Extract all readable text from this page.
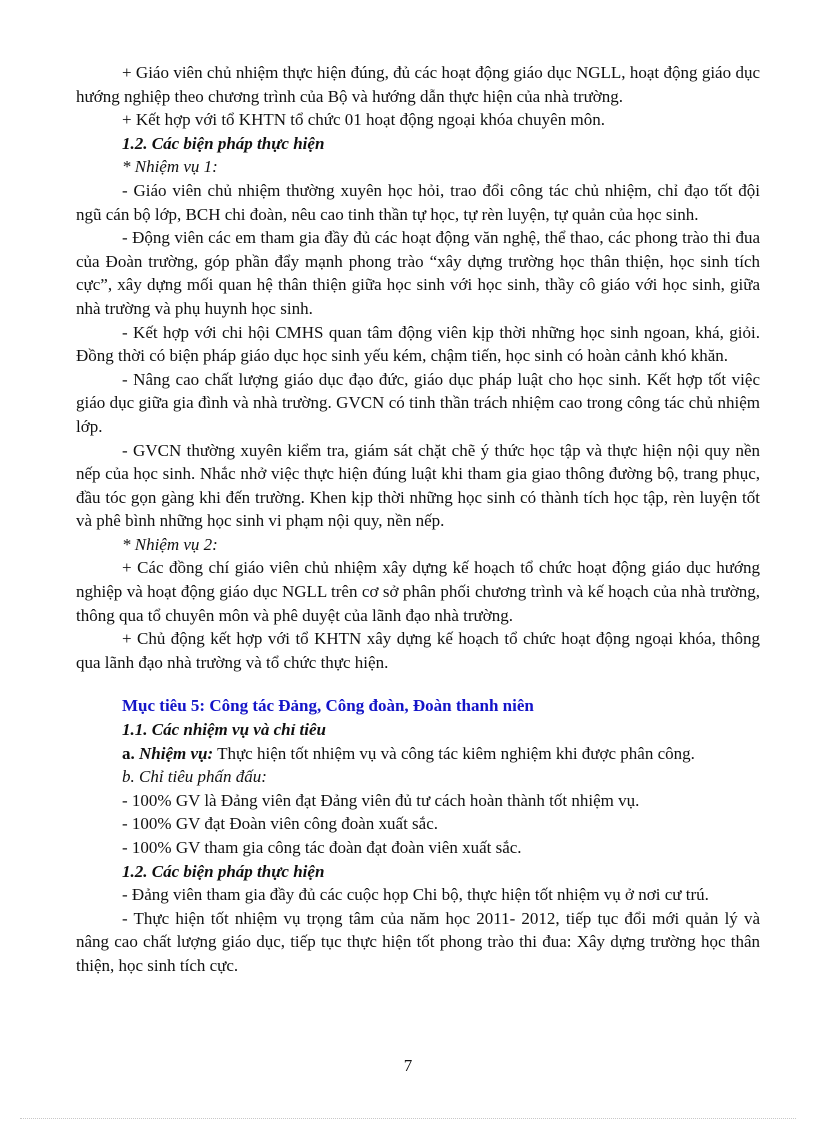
+ Giáo viên chủ nhiệm thực hiện đúng, đủ các hoạt động giáo dục NGLL, hoạt động giáo dục hướng nghiệp theo chương trình của Bộ và hướng dẫn thực hiện của nhà trường.

+ Kết hợp với tổ KHTN tổ chức 01 hoạt động ngoại khóa chuyên môn.

1.2. Các biện pháp thực hiện

* Nhiệm vụ 1:

- Giáo viên chủ nhiệm thường xuyên học hỏi, trao đổi công tác chủ nhiệm, chỉ đạo tốt đội ngũ cán bộ lớp, BCH chi đoàn, nêu cao tinh thần tự học, tự rèn luyện, tự quản của học sinh.

- Động viên các em tham gia đầy đủ các hoạt động văn nghệ, thể thao, các phong trào thi đua của Đoàn trường, góp phần đẩy mạnh phong trào “xây dựng trường học thân thiện, học sinh tích cực”, xây dựng mối quan hệ thân thiện giữa học sinh với học sinh, thầy cô giáo với học sinh, giữa nhà trường và phụ huynh học sinh.

- Kết hợp với chi hội CMHS quan tâm động viên kịp thời những học sinh ngoan, khá, giỏi. Đồng thời có biện pháp giáo dục học sinh yếu kém, chậm tiến, học sinh có hoàn cảnh khó khăn.

- Nâng cao chất lượng giáo dục đạo đức, giáo dục pháp luật cho học sinh. Kết hợp tốt việc giáo dục giữa gia đình và nhà trường. GVCN có tinh thần trách nhiệm cao trong công tác chủ nhiệm lớp.

- GVCN thường xuyên kiểm tra, giám sát chặt chẽ ý thức học tập và thực hiện nội quy nền nếp của học sinh. Nhắc nhở việc thực hiện đúng luật khi tham gia giao thông đường bộ, trang phục, đầu tóc gọn gàng khi đến trường. Khen kịp thời những học sinh có thành tích học tập, rèn luyện tốt và phê bình những học sinh vi phạm nội quy, nền nếp.

* Nhiệm vụ 2:

+ Các đồng chí giáo viên chủ nhiệm xây dựng kế hoạch tổ chức hoạt động giáo dục hướng nghiệp và hoạt động giáo dục NGLL trên cơ sở phân phối chương trình và kế hoạch của nhà trường, thông qua tổ chuyên môn và phê duyệt của lãnh đạo nhà trường.

+ Chủ động kết hợp với tổ KHTN xây dựng kế hoạch tổ chức hoạt động ngoại khóa, thông qua lãnh đạo nhà trường và tổ chức thực hiện.

Mục tiêu 5: Công tác Đảng, Công đoàn, Đoàn thanh niên

1.1. Các nhiệm vụ và chỉ tiêu

a. Nhiệm vụ: Thực hiện tốt nhiệm vụ và công tác kiêm nghiệm khi được phân công.

b. Chỉ tiêu phấn đấu:

- 100% GV là Đảng viên đạt Đảng viên đủ tư cách hoàn thành tốt nhiệm vụ.

- 100% GV đạt Đoàn viên công đoàn xuất sắc.

- 100% GV tham gia công tác đoàn đạt đoàn viên xuất sắc.

1.2. Các biện pháp thực hiện

- Đảng viên tham gia đầy đủ các cuộc họp Chi bộ, thực hiện tốt nhiệm vụ ở nơi cư trú.

- Thực hiện tốt nhiệm vụ trọng tâm của năm học 2011- 2012, tiếp tục đổi mới quản lý và nâng cao chất lượng giáo dục, tiếp tục thực hiện tốt phong trào thi đua: Xây dựng trường học thân thiện, học sinh tích cực.

7
